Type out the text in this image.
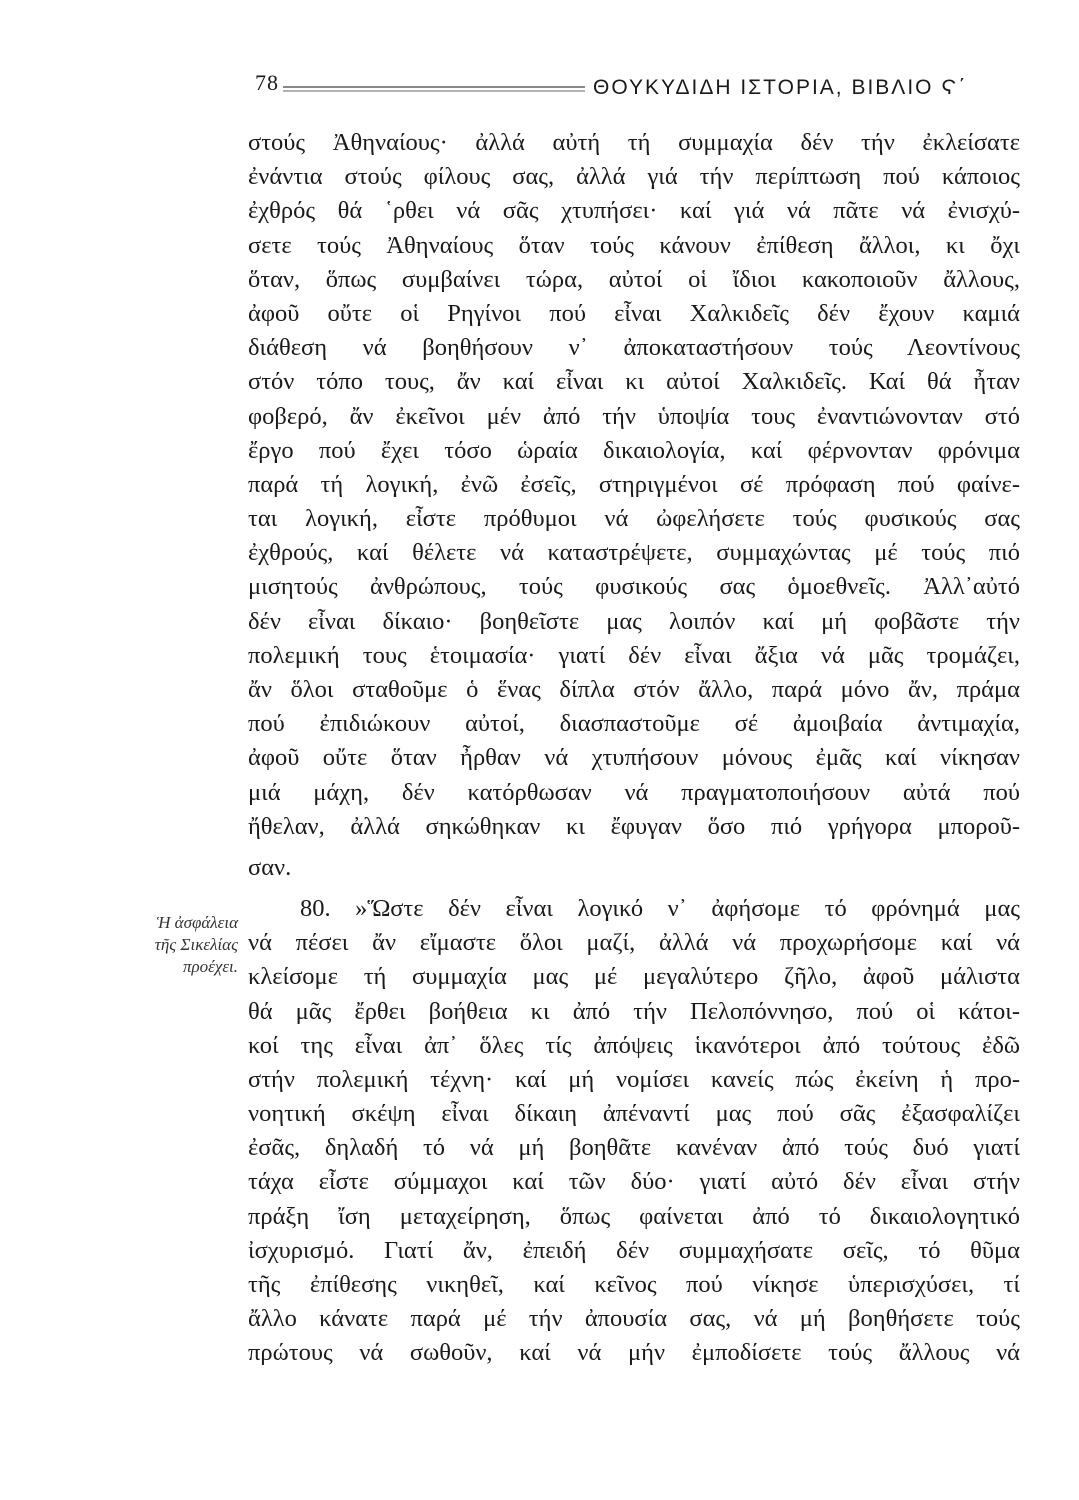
78	ΘΟΥΚΥΔΙΔΗ ΙΣΤΟΡΙΑ, ΒΙΒΛΙΟ Ϛ΄
Ἡ ἀσφάλεια
τῆς Σικελίας
προέχει.
στούς Ἀθηναίους· ἀλλά αὐτή τή συμμαχία δέν τήν ἐκλείσατε
ἐνάντια στούς φίλους σας, ἀλλά γιά τήν περίπτωση πού κάποιος
ἐχθρός θά ῾ρθει νά σᾶς χτυπήσει· καί γιά νά πᾶτε νά ἐνισχύ-
σετε τούς Ἀθηναίους ὅταν τούς κάνουν ἐπίθεση ἄλλοι, κι ὄχι
ὅταν, ὅπως συμβαίνει τώρα, αὐτοί οἱ ἴδιοι κακοποιοῦν ἄλλους,
ἀφοῦ οὔτε οἱ Ρηγίνοι πού εἶναι Χαλκιδεῖς δέν ἔχουν καμιά
διάθεση νά βοηθήσουν ν᾽ ἀποκαταστήσουν τούς Λεοντίνους
στόν τόπο τους, ἄν καί εἶναι κι αὐτοί Χαλκιδεῖς. Καί θά ἦταν
φοβερό, ἄν ἐκεῖνοι μέν ἀπό τήν ὑποψία τους ἐναντιώνονταν στό
ἔργο πού ἔχει τόσο ὡραία δικαιολογία, καί φέρνονταν φρόνιμα
παρά τή λογική, ἐνῶ ἐσεῖς, στηριγμένοι σέ πρόφαση πού φαίνε-
ται λογική, εἶστε πρόθυμοι νά ὠφελήσετε τούς φυσικούς σας
ἐχθρούς, καί θέλετε νά καταστρέψετε, συμμαχώντας μέ τούς πιό
μισητούς ἀνθρώπους, τούς φυσικούς σας ὁμοεθνεῖς. Ἀλλ᾽αὐτό
δέν εἶναι δίκαιο· βοηθεῖστε μας λοιπόν καί μή φοβᾶστε τήν
πολεμική τους ἑτοιμασία· γιατί δέν εἶναι ἄξια νά μᾶς τρομάζει,
ἄν ὅλοι σταθοῦμε ὁ ἕνας δίπλα στόν ἄλλο, παρά μόνο ἄν, πράμα
πού ἐπιδιώκουν αὐτοί, διασπαστοῦμε σέ ἀμοιβαία ἀντιμαχία,
ἀφοῦ οὔτε ὅταν ἦρθαν νά χτυπήσουν μόνους ἐμᾶς καί νίκησαν
μιά μάχη, δέν κατόρθωσαν νά πραγματοποιήσουν αὐτά πού
ἤθελαν, ἀλλά σηκώθηκαν κι ἔφυγαν ὅσο πιό γρήγορα μποροῦ-
σαν.
80. »Ὥστε δέν εἶναι λογικό ν᾽ ἀφήσομε τό φρόνημά μας
νά πέσει ἄν εἴμαστε ὅλοι μαζί, ἀλλά νά προχωρήσομε καί νά
κλείσομε τή συμμαχία μας μέ μεγαλύτερο ζῆλο, ἀφοῦ μάλιστα
θά μᾶς ἔρθει βοήθεια κι ἀπό τήν Πελοπόννησο, πού οἱ κάτοι-
κοί της εἶναι ἀπ᾽ ὅλες τίς ἀπόψεις ἱκανότεροι ἀπό τούτους ἐδῶ
στήν πολεμική τέχνη· καί μή νομίσει κανείς πώς ἐκείνη ἡ προ-
νοητική σκέψη εἶναι δίκαιη ἀπέναντί μας πού σᾶς ἐξασφαλίζει
ἐσᾶς, δηλαδή τό νά μή βοηθᾶτε κανέναν ἀπό τούς δυό γιατί
τάχα εἶστε σύμμαχοι καί τῶν δύο· γιατί αὐτό δέν εἶναι στήν
πράξη ἴση μεταχείρηση, ὅπως φαίνεται ἀπό τό δικαιολογητικό
ἰσχυρισμό. Γιατί ἄν, ἐπειδή δέν συμμαχήσατε σεῖς, τό θῦμα
τῆς ἐπίθεσης νικηθεῖ, καί κεῖνος πού νίκησε ὑπερισχύσει, τί
ἄλλο κάνατε παρά μέ τήν ἀπουσία σας, νά μή βοηθήσετε τούς
πρώτους νά σωθοῦν, καί νά μήν ἐμποδίσετε τούς ἄλλους νά
